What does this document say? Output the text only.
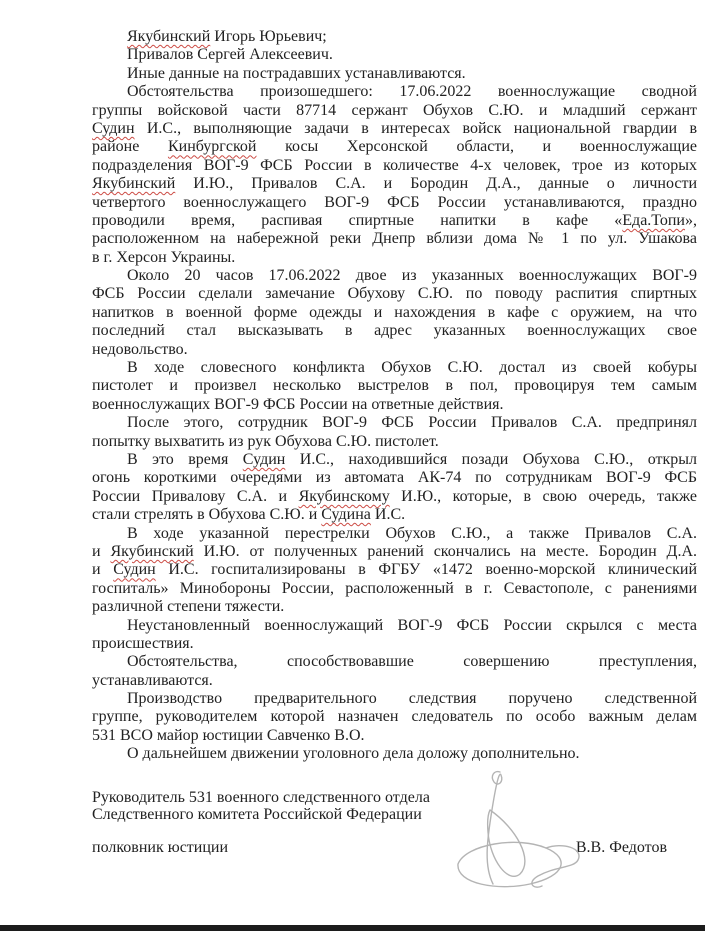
Якубинский Игорь Юрьевич;
Привалов Сергей Алексеевич.
Иные данные на пострадавших устанавливаются.
Обстоятельства произошедшего: 17.06.2022 военнослужащие сводной
группы войсковой части 87714 сержант Обухов С.Ю. и младший сержант
Судин И.С., выполняющие задачи в интересах войск национальной гвардии в
районе Кинбургской косы Херсонской области, и военнослужащие
подразделения ВОГ-9 ФСБ России в количестве 4-х человек, трое из которых
Якубинский И.Ю., Привалов С.А. и Бородин Д.А., данные о личности
четвертого военнослужащего ВОГ-9 ФСБ России устанавливаются, праздно
проводили время, распивая спиртные напитки в кафе «Еда.Топи»,
расположенном на набережной реки Днепр вблизи дома № 1 по ул. Ушакова
в г. Херсон Украины.
Около 20 часов 17.06.2022 двое из указанных военнослужащих ВОГ-9
ФСБ России сделали замечание Обухову С.Ю. по поводу распития спиртных
напитков в военной форме одежды и нахождения в кафе с оружием, на что
последний стал высказывать в адрес указанных военнослужащих свое
недовольство.
В ходе словесного конфликта Обухов С.Ю. достал из своей кобуры
пистолет и произвел несколько выстрелов в пол, провоцируя тем самым
военнослужащих ВОГ-9 ФСБ России на ответные действия.
После этого, сотрудник ВОГ-9 ФСБ России Привалов С.А. предпринял
попытку выхватить из рук Обухова С.Ю. пистолет.
В это время Судин И.С., находившийся позади Обухова С.Ю., открыл
огонь короткими очередями из автомата АК-74 по сотрудникам ВОГ-9 ФСБ
России Привалову С.А. и Якубинскому И.Ю., которые, в свою очередь, также
стали стрелять в Обухова С.Ю. и Судина И.С.
В ходе указанной перестрелки Обухов С.Ю., а также Привалов С.А.
и Якубинский И.Ю. от полученных ранений скончались на месте. Бородин Д.А.
и Судин И.С. госпитализированы в ФГБУ «1472 военно-морской клинический
госпиталь» Минобороны России, расположенный в г. Севастополе, с ранениями
различной степени тяжести.
Неустановленный военнослужащий ВОГ-9 ФСБ России скрылся с места
происшествия.
Обстоятельства, способствовавшие совершению преступления,
устанавливаются.
Производство предварительного следствия поручено следственной
группе, руководителем которой назначен следователь по особо важным делам
531 ВСО майор юстиции Савченко В.О.
О дальнейшем движении уголовного дела доложу дополнительно.
Руководитель 531 военного следственного отдела
Следственного комитета Российской Федерации
полковник юстиции	В.В. Федотов
